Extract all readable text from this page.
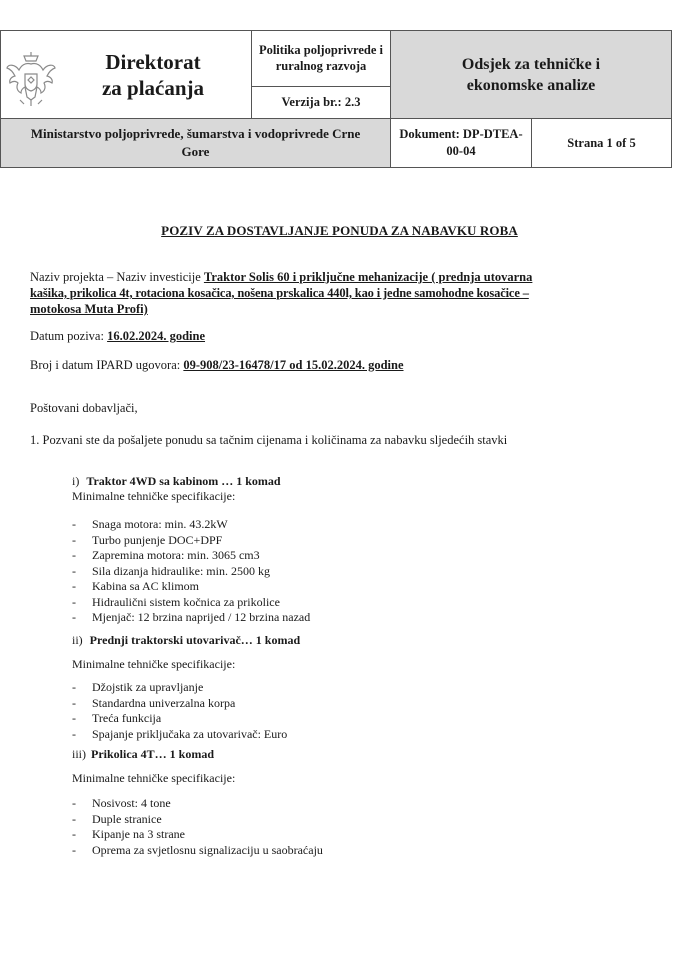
Direktorat
za plaćanja
Politika poljoprivrede i
ruralnog razvoja
Verzija br.: 2.3
Odsjek za tehničke i
ekonomske analize
Ministarstvo poljoprivrede, šumarstva i vodoprivrede Crne
Gore
Dokument: DP-DTEA-
00-04
Strana 1 of 5
POZIV ZA DOSTAVLJANJE PONUDA ZA NABAVKU ROBA
Naziv projekta – Naziv investicije Traktor Solis 60 i priključne mehanizacije ( prednja utovarna
kašika, prikolica 4t, rotaciona kosačica, nošena prskalica 440l, kao i jedne samohodne kosačice –
motokosa Muta Profi)
Datum poziva: 16.02.2024. godine
Broj i datum IPARD ugovora: 09-908/23-16478/17 od 15.02.2024. godine
Poštovani dobavljači,
1. Pozvani ste da pošaljete ponudu sa tačnim cijenama i količinama za nabavku sljedećih stavki
i) Traktor 4WD sa kabinom … 1 komad
Minimalne tehničke specifikacije:
- Snaga motora: min. 43.2kW
- Turbo punjenje DOC+DPF
- Zapremina motora: min. 3065 cm3
- Sila dizanja hidraulike: min. 2500 kg
- Kabina sa AC klimom
- Hidraulični sistem kočnica za prikolice
- Mjenjač: 12 brzina naprijed / 12 brzina nazad
ii) Prednji traktorski utovarivač… 1 komad
Minimalne tehničke specifikacije:
- Džojstik za upravljanje
- Standardna univerzalna korpa
- Treća funkcija
- Spajanje priključaka za utovarivač: Euro
iii) Prikolica 4T… 1 komad
Minimalne tehničke specifikacije:
- Nosivost: 4 tone
- Duple stranice
- Kipanje na 3 strane
- Oprema za svjetlosnu signalizaciju u saobraćaju
